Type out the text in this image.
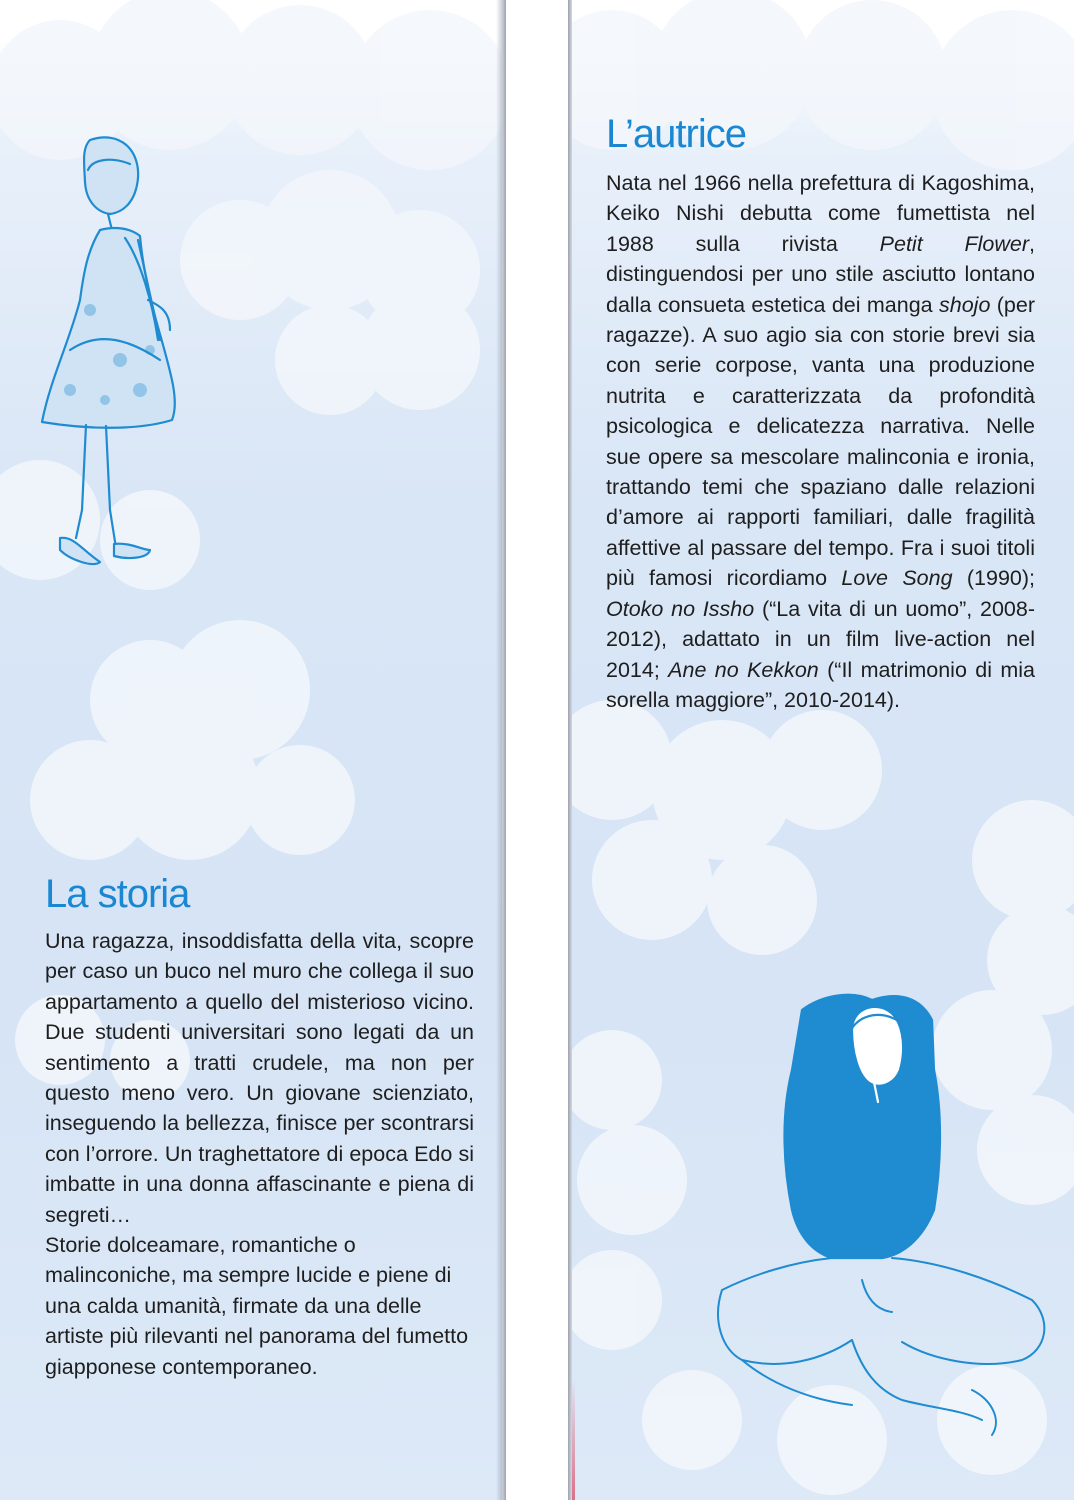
La storia

Una ragazza, insoddisfatta della vita, scopre per caso un buco nel muro che collega il suo appartamento a quello del misterioso vicino. Due studenti universitari sono legati da un sentimento a tratti crudele, ma non per questo meno vero. Un giovane scienziato, inseguendo la bellezza, finisce per scontrarsi con l’orrore. Un traghettatore di epoca Edo si imbatte in una donna affascinante e piena di segreti…

Storie dolceamare, romantiche o malinconiche, ma sempre lucide e piene di una calda umanità, firmate da una delle artiste più rilevanti nel panorama del fumetto giapponese contemporaneo.

L’autrice

Nata nel 1966 nella prefettura di Kagoshima, Keiko Nishi debutta come fumettista nel 1988 sulla rivista Petit Flower, distinguendosi per uno stile asciutto lontano dalla consueta estetica dei manga shojo (per ragazze). A suo agio sia con storie brevi sia con serie corpose, vanta una produzione nutrita e caratterizzata da profondità psicologica e delicatezza narrativa. Nelle sue opere sa mescolare malinconia e ironia, trattando temi che spaziano dalle relazioni d’amore ai rapporti familiari, dalle fragilità affettive al passare del tempo. Fra i suoi titoli più famosi ricordiamo Love Song (1990); Otoko no Issho (“La vita di un uomo”, 2008-2012), adattato in un film live-action nel 2014; Ane no Kekkon (“Il matrimonio di mia sorella maggiore”, 2010-2014).
